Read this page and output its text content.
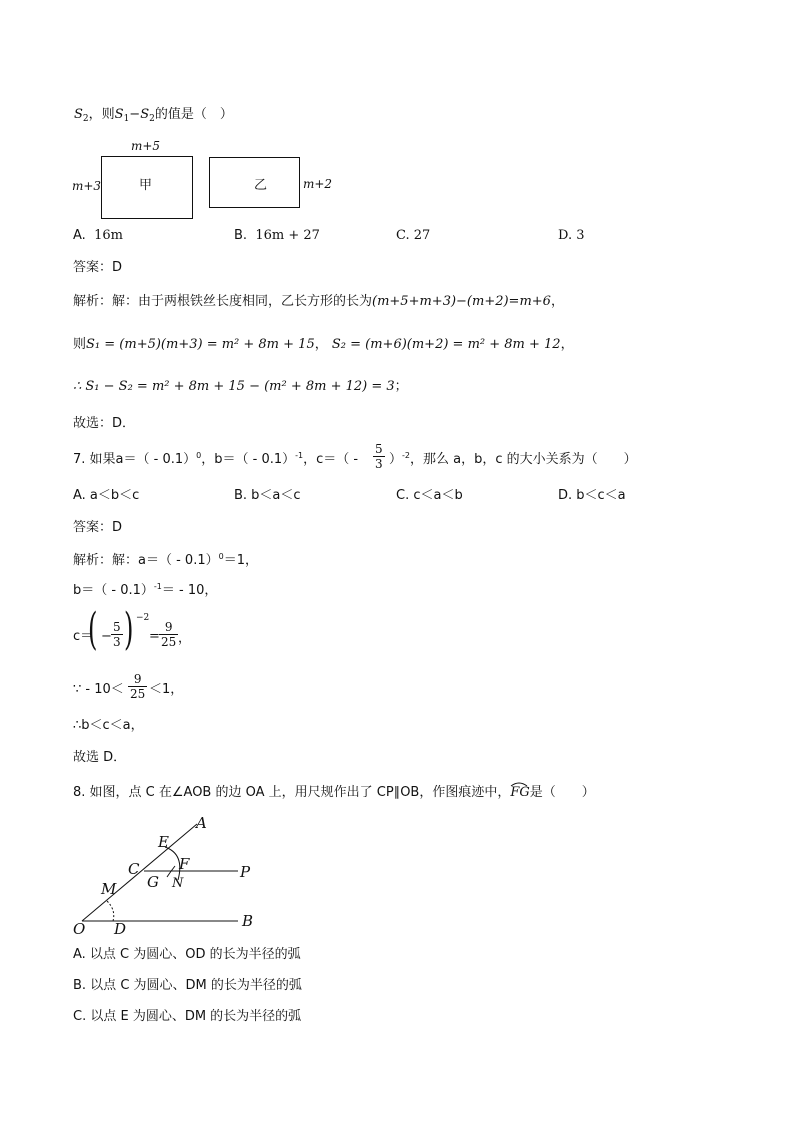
$S_2$，则$S_1-S_2$的值是（　）
m+5
m+3	甲	乙	m+2
A. 16m	B. 16m + 27	C. 27	D. 3
答案：D
解析：解：由于两根铁丝长度相同，乙长方形的长为(m+5+m+3)−(m+2)=m+6，
则S₁ = (m+5)(m+3) = m² + 8m + 15， S₂ = (m+6)(m+2) = m² + 8m + 12，
∴ S₁ − S₂ = m² + 8m + 15 − (m² + 8m + 12) = 3；
故选：D．
7. 如果a＝（ - 0.1）$^0$，b＝（ - 0.1）$^{-1}$，$c=( - \frac{5}{3} )^{-2}$，那么 a，b，c 的大小关系为（　　）
A. a＜b＜c	B. b＜a＜c	C. c＜a＜b	D. b＜c＜a
答案：D
解析：解：a＝（ - 0.1）$^0$＝1，
b＝（ - 0.1）$^{-1}$＝ - 10，
c＝
( − $\frac{5}{3}$ ) −2
= $\frac{9}{25}$ ，
∵ - $10< \frac{9}{25} <1$，
∴b＜c＜a，
故选 D．
8. 如图，点 C 在∠AOB 的边 OA 上，用尺规作出了 CP∥OB，作图痕迹中，FG
是（　　）
A
E
C	F	P
G N
M
O D	B
A. 以点 C 为圆心、OD 的长为半径的弧
B. 以点 C 为圆心、DM 的长为半径的弧
C. 以点 E 为圆心、DM 的长为半径的弧
